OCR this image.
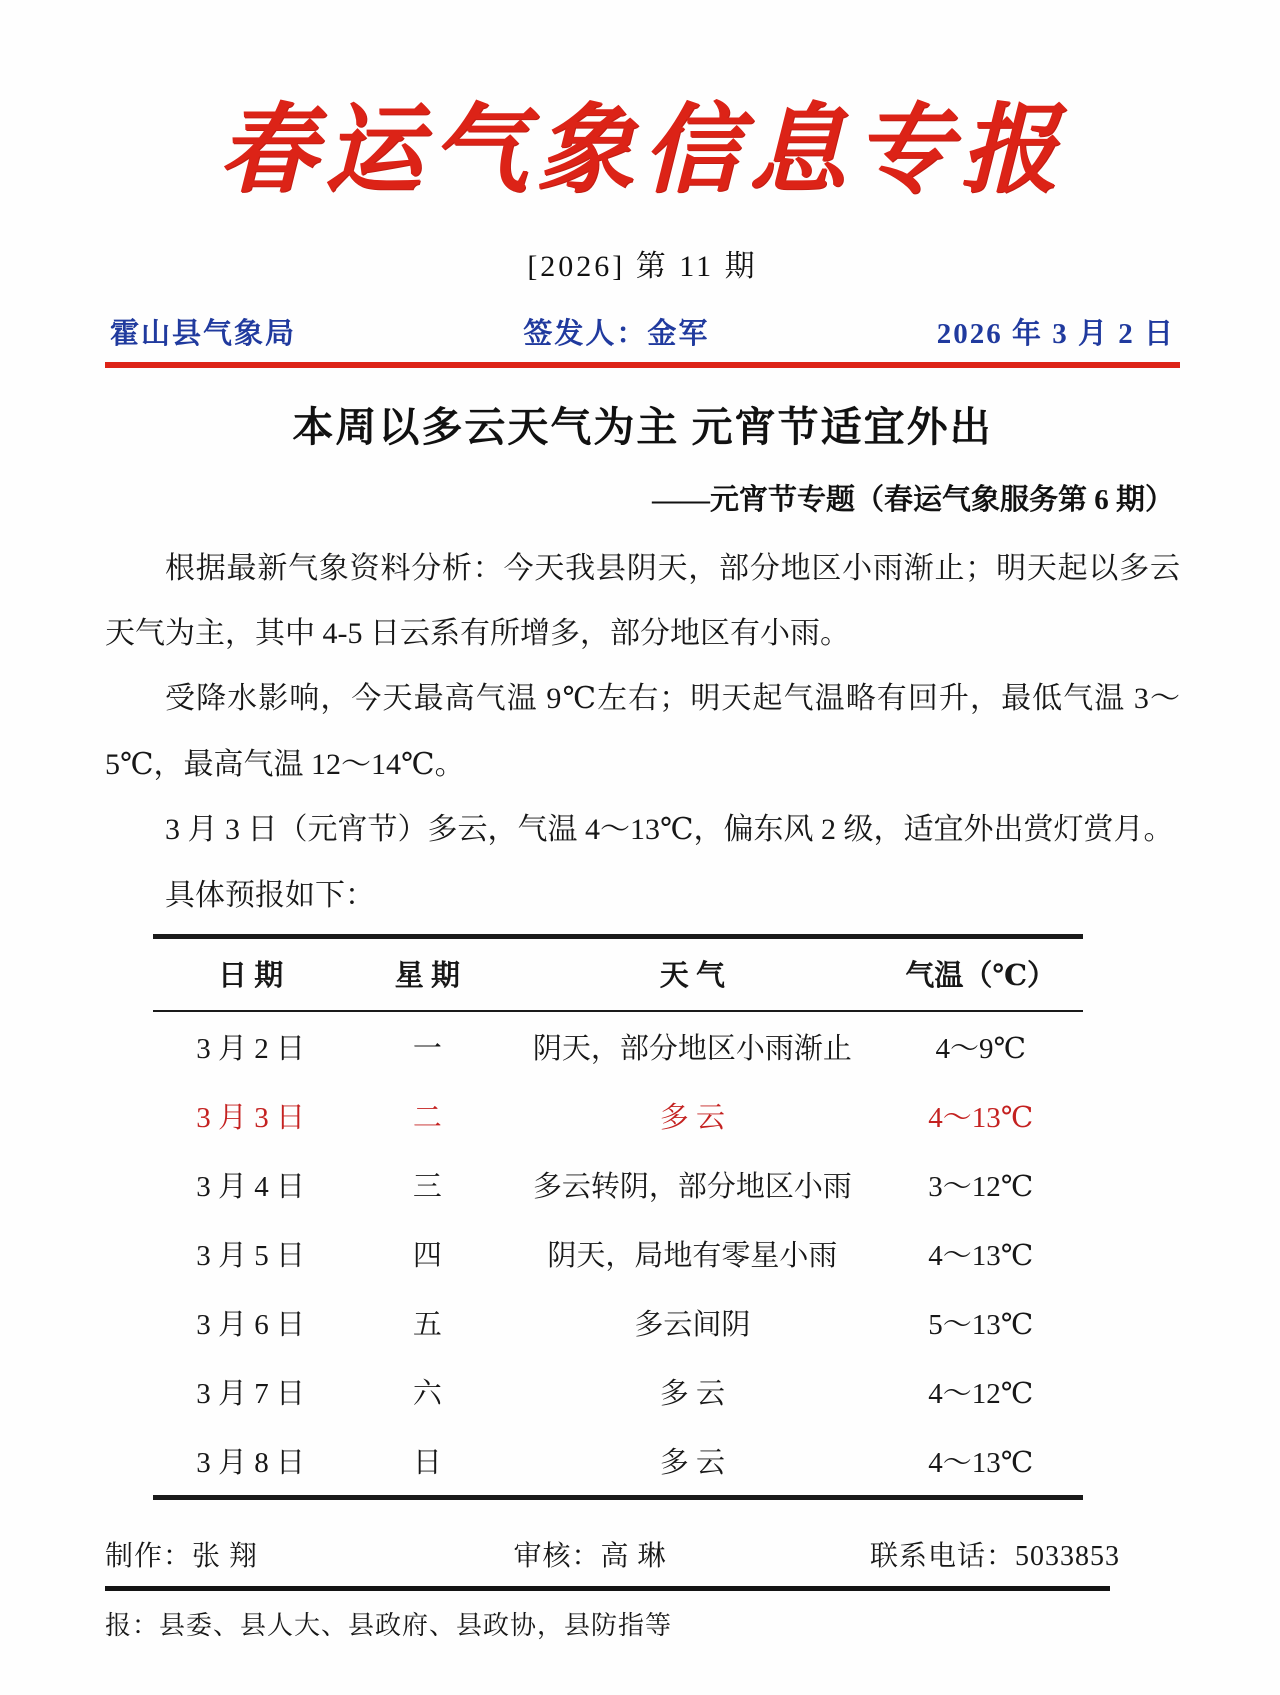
春运气象信息专报
[2026] 第 11 期
霍山县气象局	签发人：金军	2026 年 3 月 2 日
本周以多云天气为主 元宵节适宜外出
——元宵节专题（春运气象服务第 6 期）

根据最新气象资料分析：今天我县阴天，部分地区小雨渐止；明天起以多云天气为主，其中 4-5 日云系有所增多，部分地区有小雨。

受降水影响，今天最高气温 9℃左右；明天起气温略有回升，最低气温 3～5℃，最高气温 12～14℃。

3 月 3 日（元宵节）多云，气温 4～13℃，偏东风 2 级，适宜外出赏灯赏月。

具体预报如下：

日 期	星 期	天 气	气温（℃）
3 月 2 日	一	阴天，部分地区小雨渐止	4～9℃
3 月 3 日	二	多 云	4～13℃
3 月 4 日	三	多云转阴，部分地区小雨	3～12℃
3 月 5 日	四	阴天，局地有零星小雨	4～13℃
3 月 6 日	五	多云间阴	5～13℃
3 月 7 日	六	多 云	4～12℃
3 月 8 日	日	多 云	4～13℃
制作：张 翔	审核：高 琳	联系电话：5033853
报：县委、县人大、县政府、县政协，县防指等
